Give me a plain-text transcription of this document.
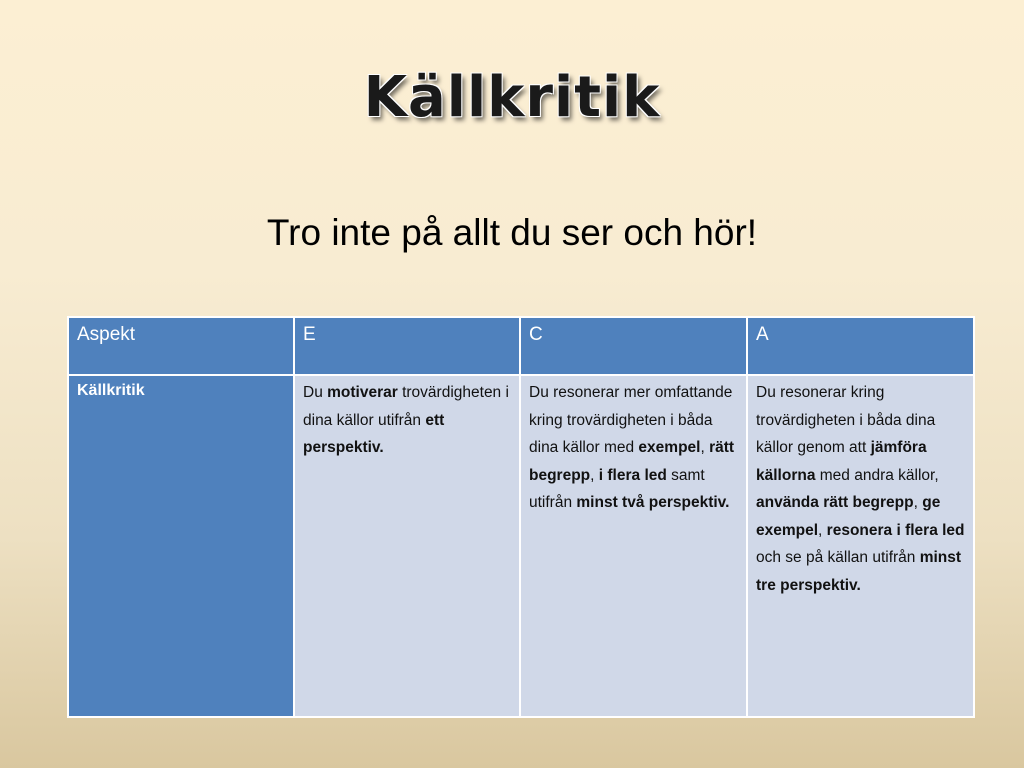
Källkritik
Tro inte på allt du ser och hör!
Aspekt	E	C	A
Källkritik	Du motiverar trovärdigheten i dina källor utifrån ett perspektiv.	Du resonerar mer omfattande kring trovärdigheten i båda dina källor med exempel, rätt begrepp, i flera led samt utifrån minst två perspektiv.	Du resonerar kring trovärdigheten i båda dina källor genom att jämföra källorna med andra källor, använda rätt begrepp, ge exempel, resonera i flera led och se på källan utifrån minst tre perspektiv.
